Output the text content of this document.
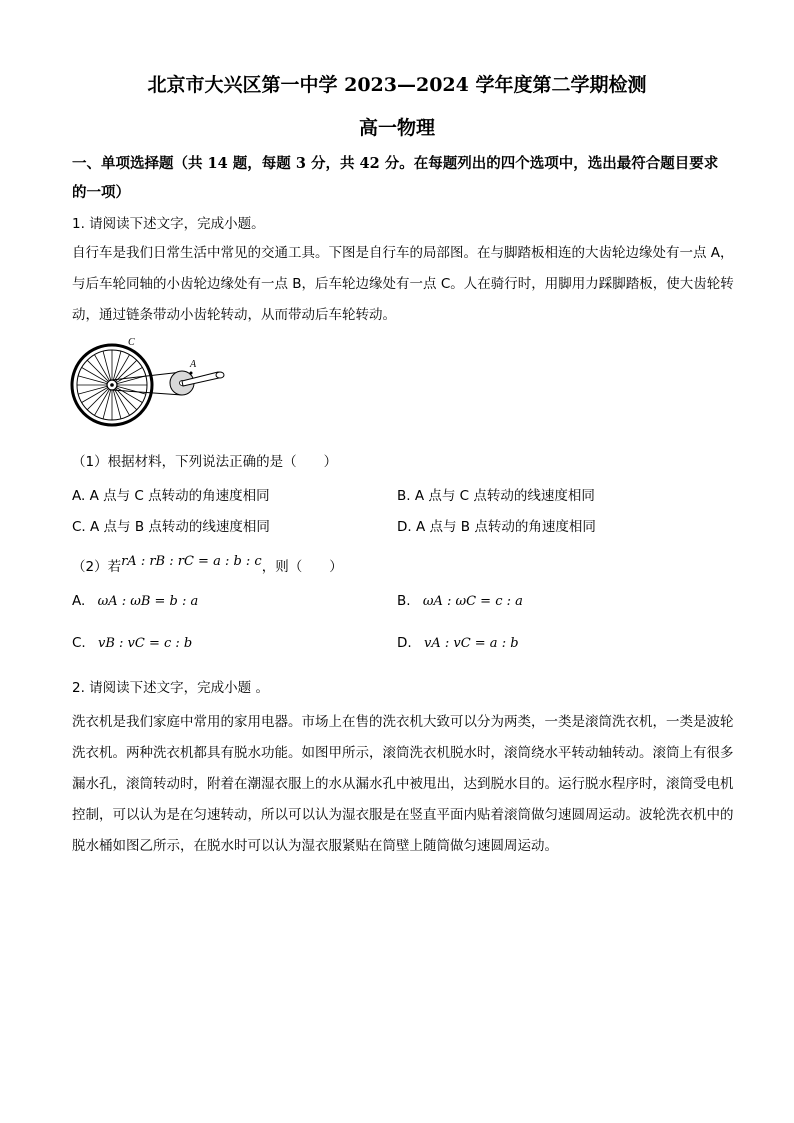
北京市大兴区第一中学 2023—2024 学年度第二学期检测
高一物理
一、单项选择题（共 14 题，每题 3 分，共 42 分。在每题列出的四个选项中，选出最符合题目要求的一项）
1. 请阅读下述文字，完成小题。
自行车是我们日常生活中常见的交通工具。下图是自行车的局部图。在与脚踏板相连的大齿轮边缘处有一点 A，与后车轮同轴的小齿轮边缘处有一点 B，后车轮边缘处有一点 C。人在骑行时，用脚用力踩脚踏板，使大齿轮转动，通过链条带动小齿轮转动，从而带动后车轮转动。
C
A
（1）根据材料，下列说法正确的是（　　）
A. A 点与 C 点转动的角速度相同	B. A 点与 C 点转动的线速度相同
C. A 点与 B 点转动的线速度相同	D. A 点与 B 点转动的角速度相同
（2）若rA : rB : rC = a : b : c，则（　　）
A. ωA : ωB = b : a	B. ωA : ωC = c : a
C. vB : vC = c : b	D. vA : vC = a : b
2. 请阅读下述文字，完成小题 。
洗衣机是我们家庭中常用的家用电器。市场上在售的洗衣机大致可以分为两类，一类是滚筒洗衣机，一类是波轮洗衣机。两种洗衣机都具有脱水功能。如图甲所示，滚筒洗衣机脱水时，滚筒绕水平转动轴转动。滚筒上有很多漏水孔，滚筒转动时，附着在潮湿衣服上的水从漏水孔中被甩出，达到脱水目的。运行脱水程序时，滚筒受电机控制，可以认为是在匀速转动，所以可以认为湿衣服是在竖直平面内贴着滚筒做匀速圆周运动。波轮洗衣机中的脱水桶如图乙所示，在脱水时可以认为湿衣服紧贴在筒壁上随筒做匀速圆周运动。
